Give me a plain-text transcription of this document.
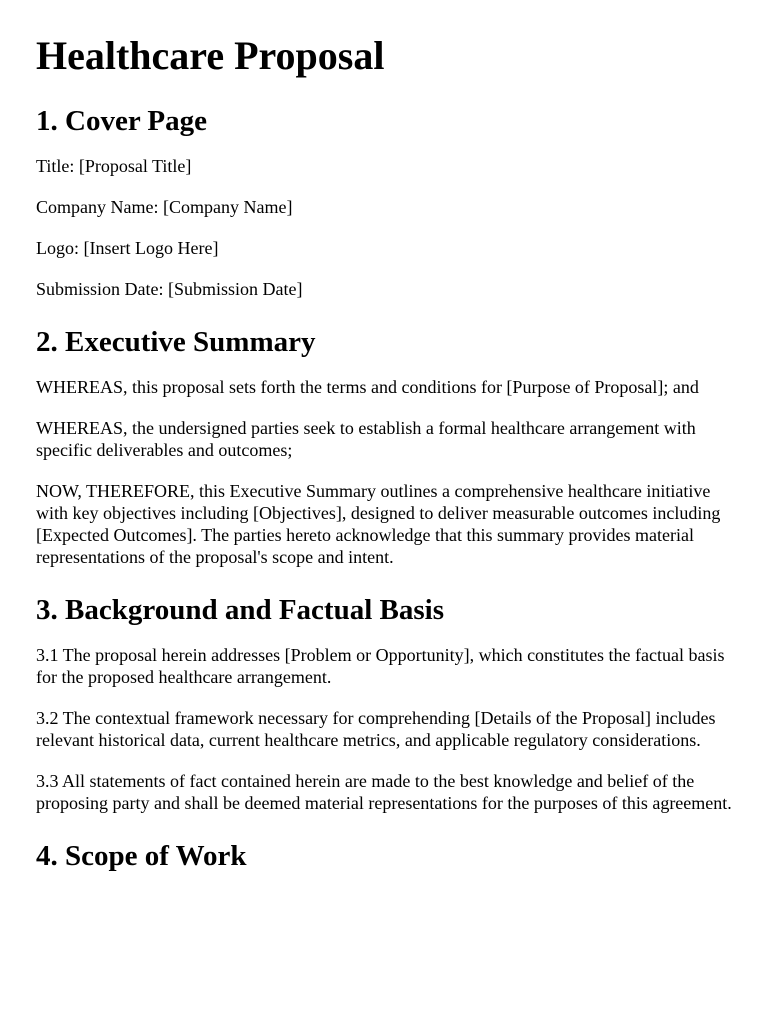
Healthcare Proposal
1. Cover Page

Title: [Proposal Title]

Company Name: [Company Name]

Logo: [Insert Logo Here]

Submission Date: [Submission Date]

2. Executive Summary

WHEREAS, this proposal sets forth the terms and conditions for [Purpose of Proposal]; and

WHEREAS, the undersigned parties seek to establish a formal healthcare arrangement with specific deliverables and outcomes;

NOW, THEREFORE, this Executive Summary outlines a comprehensive healthcare initiative with key objectives including [Objectives], designed to deliver measurable outcomes including [Expected Outcomes]. The parties hereto acknowledge that this summary provides material representations of the proposal's scope and intent.

3. Background and Factual Basis

3.1 The proposal herein addresses [Problem or Opportunity], which constitutes the factual basis for the proposed healthcare arrangement.

3.2 The contextual framework necessary for comprehending [Details of the Proposal] includes relevant historical data, current healthcare metrics, and applicable regulatory considerations.

3.3 All statements of fact contained herein are made to the best knowledge and belief of the proposing party and shall be deemed material representations for the purposes of this agreement.

4. Scope of Work
